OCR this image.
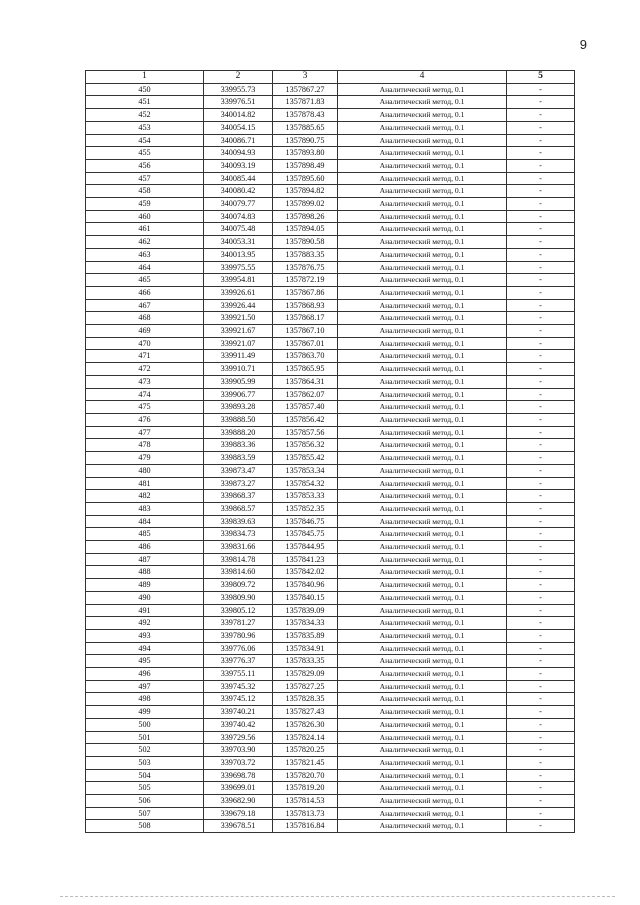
9
1	2	3	4	5
450	339955.73	1357867.27	Аналитический метод, 0.1	-
451	339976.51	1357871.83	Аналитический метод, 0.1	-
452	340014.82	1357878.43	Аналитический метод, 0.1	-
453	340054.15	1357885.65	Аналитический метод, 0.1	-
454	340086.71	1357890.75	Аналитический метод, 0.1	-
455	340094.93	1357893.80	Аналитический метод, 0.1	-
456	340093.19	1357898.49	Аналитический метод, 0.1	-
457	340085.44	1357895.60	Аналитический метод, 0.1	-
458	340080.42	1357894.82	Аналитический метод, 0.1	-
459	340079.77	1357899.02	Аналитический метод, 0.1	-
460	340074.83	1357898.26	Аналитический метод, 0.1	-
461	340075.48	1357894.05	Аналитический метод, 0.1	-
462	340053.31	1357890.58	Аналитический метод, 0.1	-
463	340013.95	1357883.35	Аналитический метод, 0.1	-
464	339975.55	1357876.75	Аналитический метод, 0.1	-
465	339954.81	1357872.19	Аналитический метод, 0.1	-
466	339926.61	1357867.86	Аналитический метод, 0.1	-
467	339926.44	1357868.93	Аналитический метод, 0.1	-
468	339921.50	1357868.17	Аналитический метод, 0.1	-
469	339921.67	1357867.10	Аналитический метод, 0.1	-
470	339921.07	1357867.01	Аналитический метод, 0.1	-
471	339911.49	1357863.70	Аналитический метод, 0.1	-
472	339910.71	1357865.95	Аналитический метод, 0.1	-
473	339905.99	1357864.31	Аналитический метод, 0.1	-
474	339906.77	1357862.07	Аналитический метод, 0.1	-
475	339893.28	1357857.40	Аналитический метод, 0.1	-
476	339888.50	1357856.42	Аналитический метод, 0.1	-
477	339888.20	1357857.56	Аналитический метод, 0.1	-
478	339883.36	1357856.32	Аналитический метод, 0.1	-
479	339883.59	1357855.42	Аналитический метод, 0.1	-
480	339873.47	1357853.34	Аналитический метод, 0.1	-
481	339873.27	1357854.32	Аналитический метод, 0.1	-
482	339868.37	1357853.33	Аналитический метод, 0.1	-
483	339868.57	1357852.35	Аналитический метод, 0.1	-
484	339839.63	1357846.75	Аналитический метод, 0.1	-
485	339834.73	1357845.75	Аналитический метод, 0.1	-
486	339831.66	1357844.95	Аналитический метод, 0.1	-
487	339814.78	1357841.23	Аналитический метод, 0.1	-
488	339814.60	1357842.02	Аналитический метод, 0.1	-
489	339809.72	1357840.96	Аналитический метод, 0.1	-
490	339809.90	1357840.15	Аналитический метод, 0.1	-
491	339805.12	1357839.09	Аналитический метод, 0.1	-
492	339781.27	1357834.33	Аналитический метод, 0.1	-
493	339780.96	1357835.89	Аналитический метод, 0.1	-
494	339776.06	1357834.91	Аналитический метод, 0.1	-
495	339776.37	1357833.35	Аналитический метод, 0.1	-
496	339755.11	1357829.09	Аналитический метод, 0.1	-
497	339745.32	1357827.25	Аналитический метод, 0.1	-
498	339745.12	1357828.35	Аналитический метод, 0.1	-
499	339740.21	1357827.43	Аналитический метод, 0.1	-
500	339740.42	1357826.30	Аналитический метод, 0.1	-
501	339729.56	1357824.14	Аналитический метод, 0.1	-
502	339703.90	1357820.25	Аналитический метод, 0.1	-
503	339703.72	1357821.45	Аналитический метод, 0.1	-
504	339698.78	1357820.70	Аналитический метод, 0.1	-
505	339699.01	1357819.20	Аналитический метод, 0.1	-
506	339682.90	1357814.53	Аналитический метод, 0.1	-
507	339679.18	1357813.73	Аналитический метод, 0.1	-
508	339678.51	1357816.84	Аналитический метод, 0.1	-
